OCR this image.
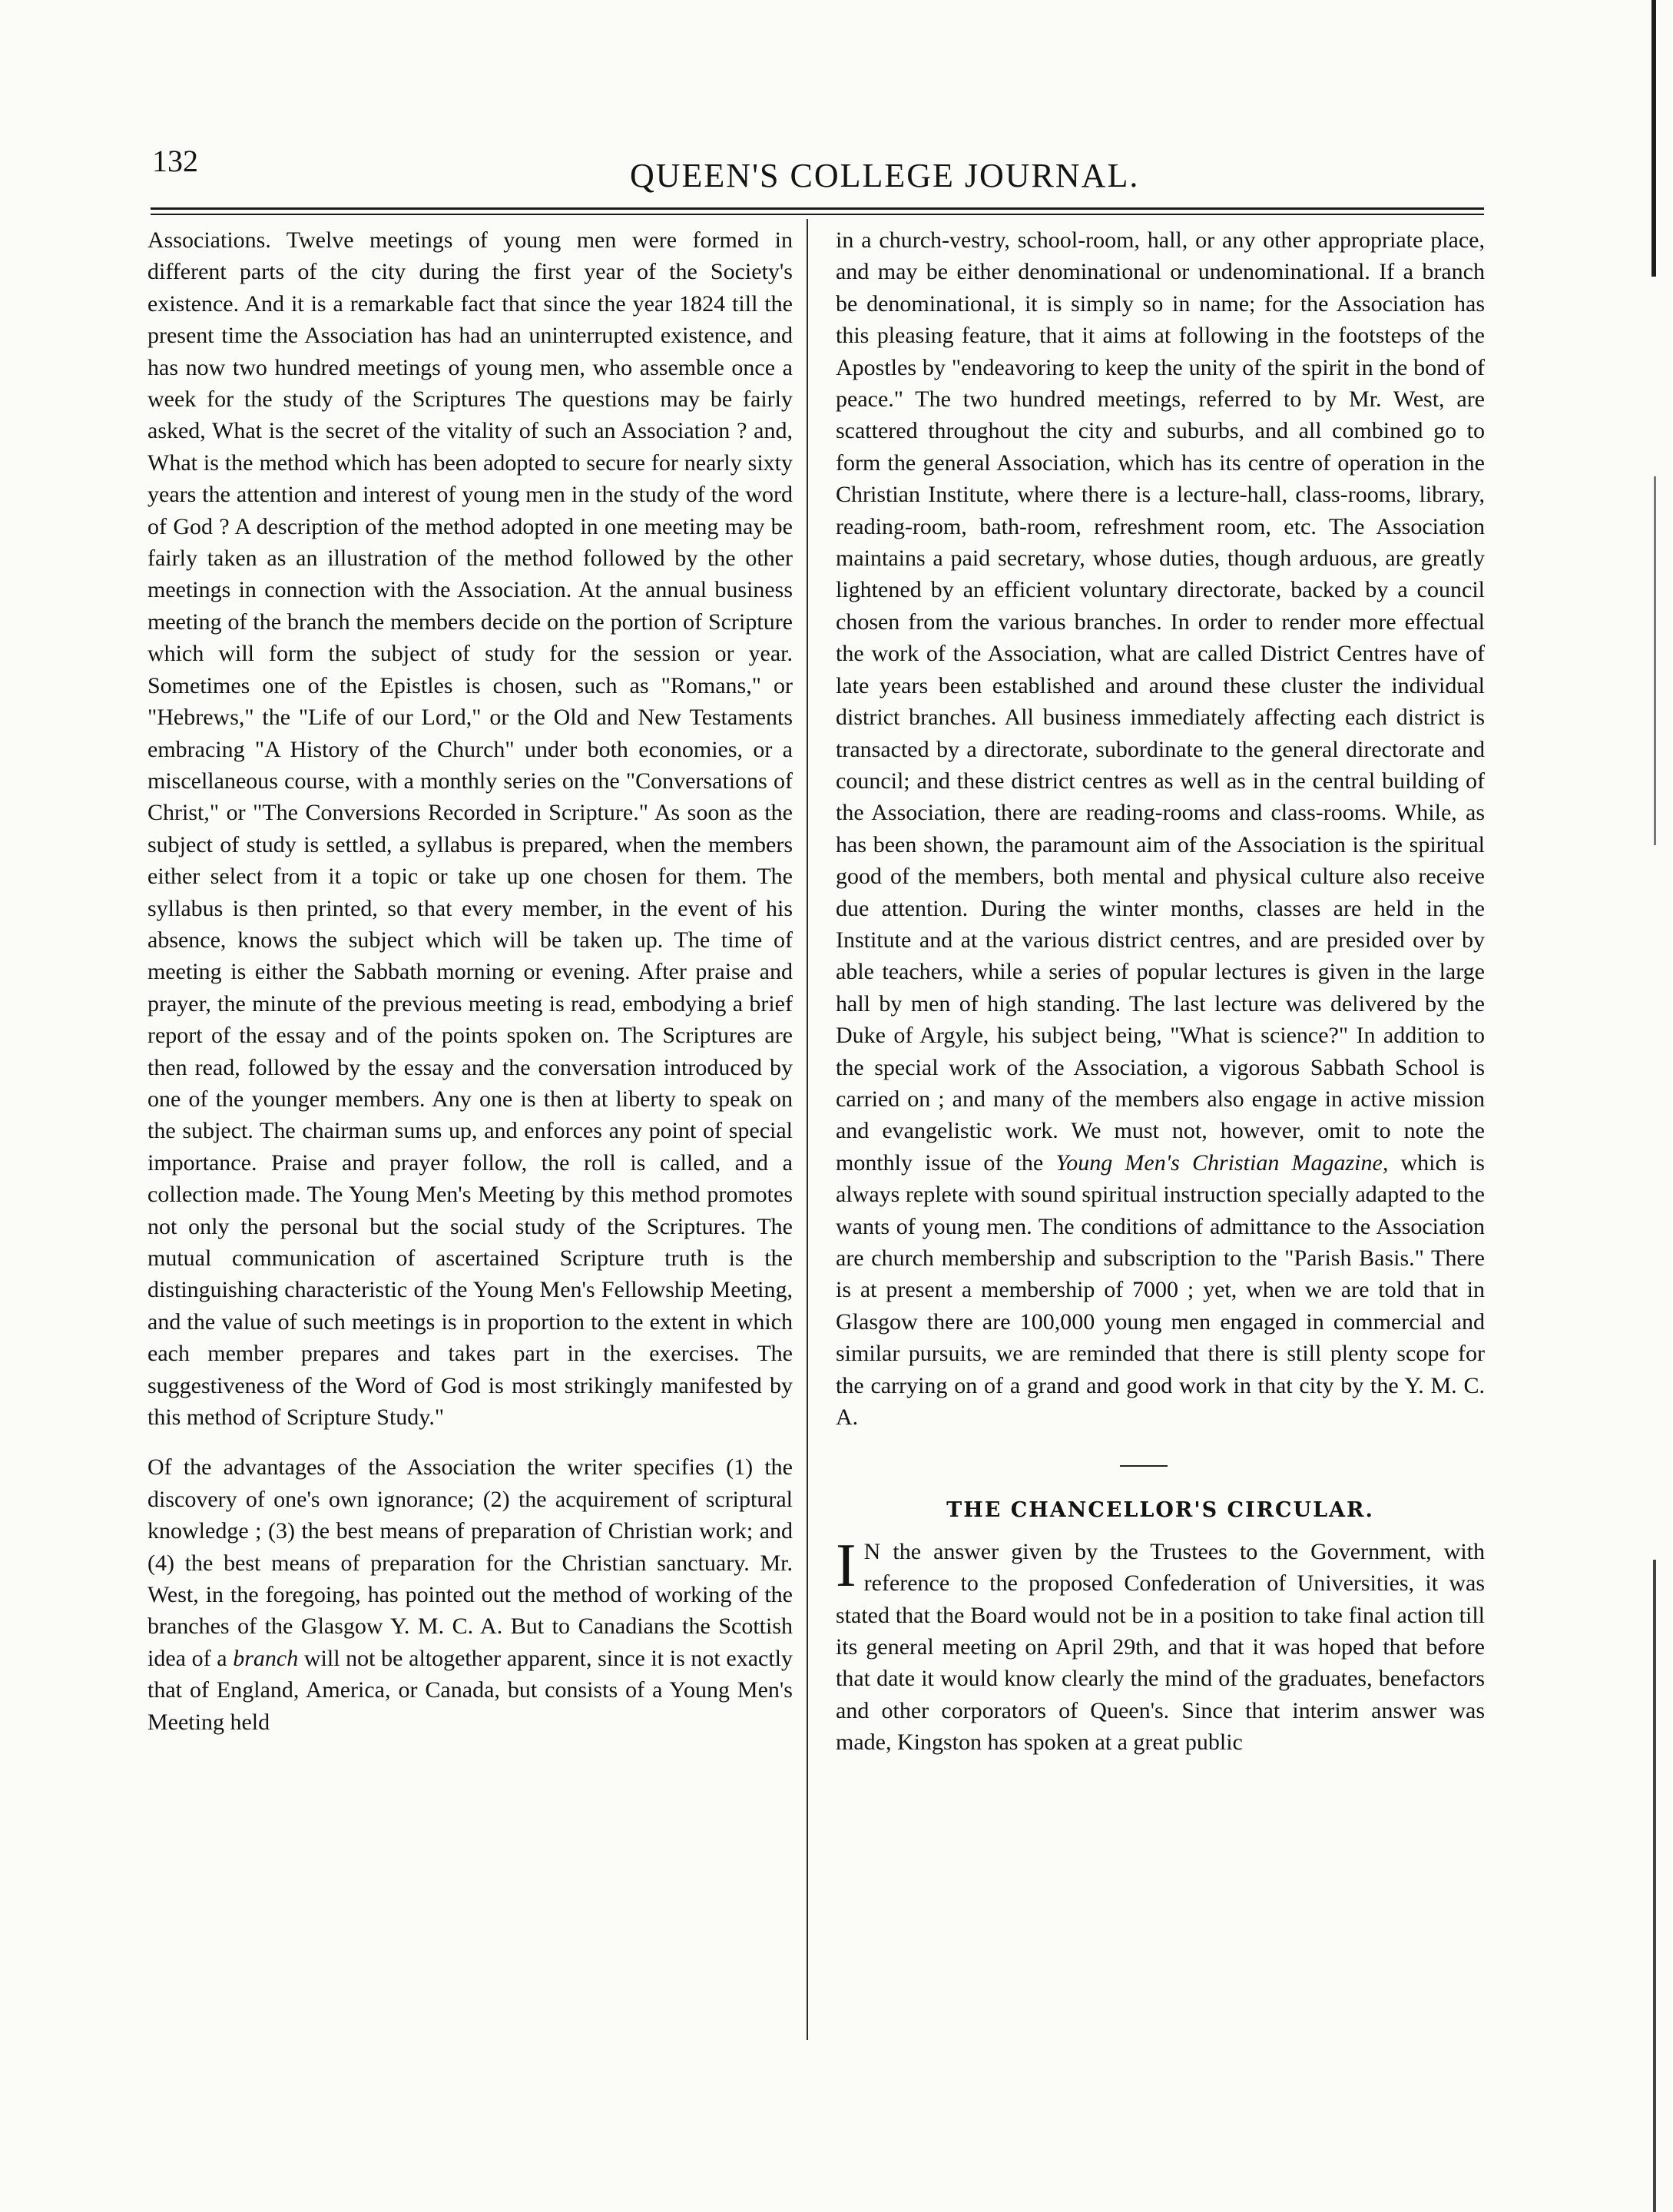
132	QUEEN'S COLLEGE JOURNAL.

Associations. Twelve meetings of young men were formed in different parts of the city during the first year of the Society's existence. And it is a remarkable fact that since the year 1824 till the present time the Association has had an uninterrupted existence, and has now two hundred meetings of young men, who assemble once a week for the study of the Scriptures The questions may be fairly asked, What is the secret of the vitality of such an Association ? and, What is the method which has been adopted to secure for nearly sixty years the attention and interest of young men in the study of the word of God ? A description of the method adopted in one meeting may be fairly taken as an illustration of the method followed by the other meetings in connection with the Association. At the annual business meeting of the branch the members decide on the portion of Scripture which will form the subject of study for the session or year. Sometimes one of the Epistles is chosen, such as "Romans," or "Hebrews," the "Life of our Lord," or the Old and New Testaments embracing "A History of the Church" under both economies, or a miscellaneous course, with a monthly series on the "Conversations of Christ," or "The Conversions Recorded in Scripture." As soon as the subject of study is settled, a syllabus is prepared, when the members either select from it a topic or take up one chosen for them. The syllabus is then printed, so that every member, in the event of his absence, knows the subject which will be taken up. The time of meeting is either the Sabbath morning or evening. After praise and prayer, the minute of the previous meeting is read, embodying a brief report of the essay and of the points spoken on. The Scriptures are then read, followed by the essay and the conversation introduced by one of the younger members. Any one is then at liberty to speak on the subject. The chairman sums up, and enforces any point of special importance. Praise and prayer follow, the roll is called, and a collection made. The Young Men's Meeting by this method promotes not only the personal but the social study of the Scriptures. The mutual communication of ascertained Scripture truth is the distinguishing characteristic of the Young Men's Fellowship Meeting, and the value of such meetings is in proportion to the extent in which each member prepares and takes part in the exercises. The suggestiveness of the Word of God is most strikingly manifested by this method of Scripture Study."

Of the advantages of the Association the writer specifies (1) the discovery of one's own ignorance; (2) the acquirement of scriptural knowledge ; (3) the best means of preparation of Christian work; and (4) the best means of preparation for the Christian sanctuary. Mr. West, in the foregoing, has pointed out the method of working of the branches of the Glasgow Y. M. C. A. But to Canadians the Scottish idea of a branch will not be altogether apparent, since it is not exactly that of England, America, or Canada, but consists of a Young Men's Meeting held

in a church-vestry, school-room, hall, or any other appropriate place, and may be either denominational or undenominational. If a branch be denominational, it is simply so in name; for the Association has this pleasing feature, that it aims at following in the footsteps of the Apostles by "endeavoring to keep the unity of the spirit in the bond of peace." The two hundred meetings, referred to by Mr. West, are scattered throughout the city and suburbs, and all combined go to form the general Association, which has its centre of operation in the Christian Institute, where there is a lecture-hall, class-rooms, library, reading-room, bath-room, refreshment room, etc. The Association maintains a paid secretary, whose duties, though arduous, are greatly lightened by an efficient voluntary directorate, backed by a council chosen from the various branches. In order to render more effectual the work of the Association, what are called District Centres have of late years been established and around these cluster the individual district branches. All business immediately affecting each district is transacted by a directorate, subordinate to the general directorate and council; and these district centres as well as in the central building of the Association, there are reading-rooms and class-rooms. While, as has been shown, the paramount aim of the Association is the spiritual good of the members, both mental and physical culture also receive due attention. During the winter months, classes are held in the Institute and at the various district centres, and are presided over by able teachers, while a series of popular lectures is given in the large hall by men of high standing. The last lecture was delivered by the Duke of Argyle, his subject being, "What is science?" In addition to the special work of the Association, a vigorous Sabbath School is carried on ; and many of the members also engage in active mission and evangelistic work. We must not, however, omit to note the monthly issue of the Young Men's Christian Magazine, which is always replete with sound spiritual instruction specially adapted to the wants of young men. The conditions of admittance to the Association are church membership and subscription to the "Parish Basis." There is at present a membership of 7000 ; yet, when we are told that in Glasgow there are 100,000 young men engaged in commercial and similar pursuits, we are reminded that there is still plenty scope for the carrying on of a grand and good work in that city by the Y. M. C. A.

THE CHANCELLOR'S CIRCULAR.

I N the answer given by the Trustees to the Government, with reference to the proposed Confederation of Universities, it was stated that the Board would not be in a position to take final action till its general meeting on April 29th, and that it was hoped that before that date it would know clearly the mind of the graduates, benefactors and other corporators of Queen's. Since that interim answer was made, Kingston has spoken at a great public
